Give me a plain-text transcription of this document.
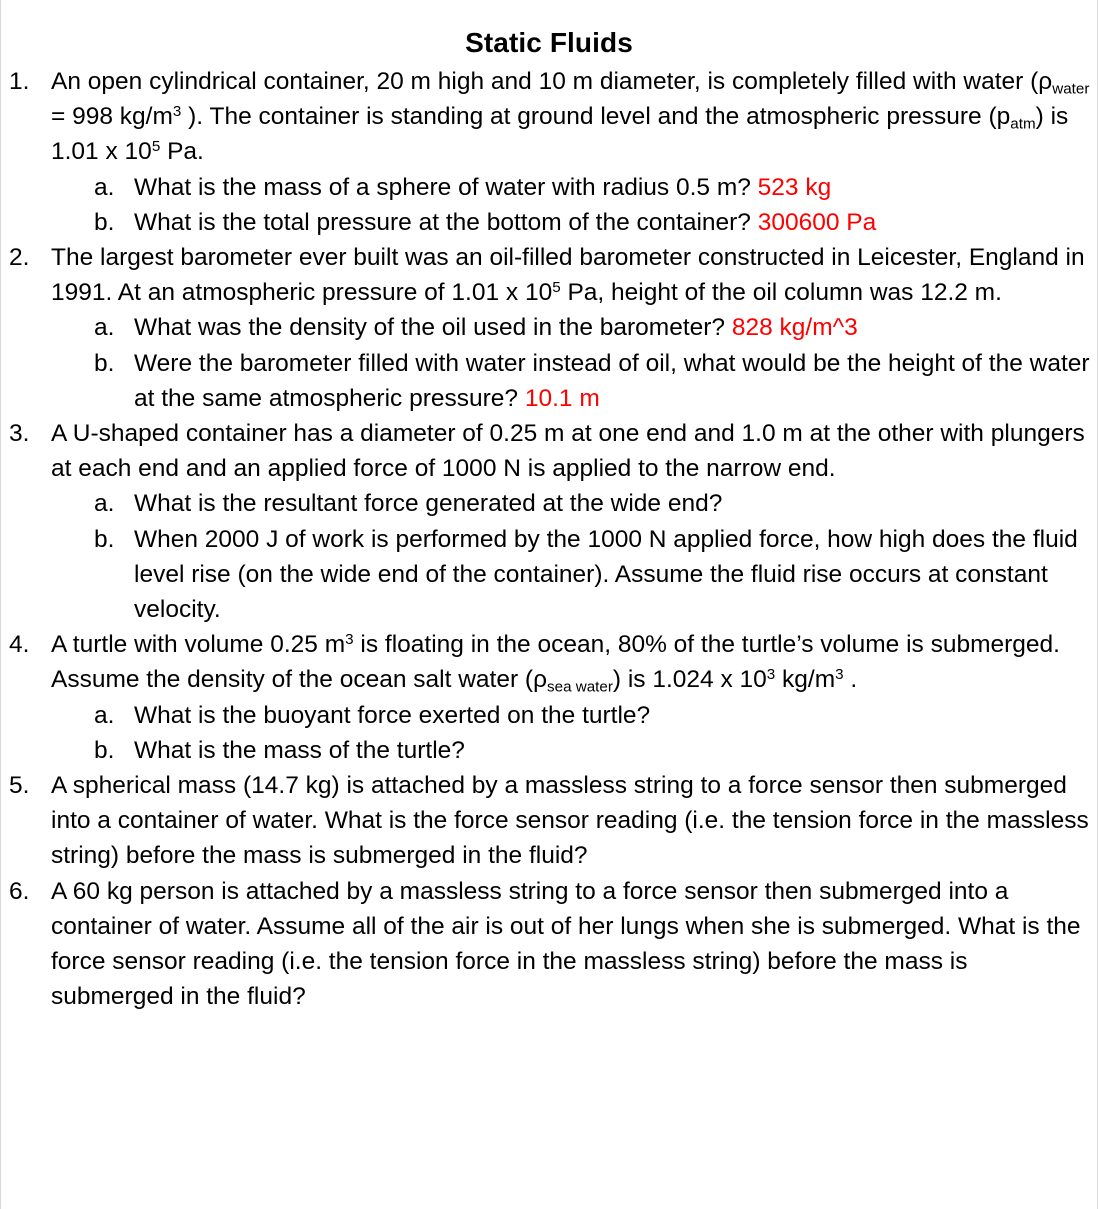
Static Fluids
1. An open cylindrical container, 20 m high and 10 m diameter, is completely filled with water ($\rho_{water} = 998$ $kg/m^3$ ). The container is standing at ground level and the atmospheric pressure $(p_{atm})$ is 1.01 x $10^5$ Pa.
a. What is the mass of a sphere of water with radius 0.5 m? 523 kg
b. What is the total pressure at the bottom of the container? 300600 Pa
2. The largest barometer ever built was an oil-filled barometer constructed in Leicester, England in 1991. At an atmospheric pressure of 1.01 x $10^5$ Pa, height of the oil column was 12.2 m.
a. What was the density of the oil used in the barometer? 828 kg/m^3
b. Were the barometer filled with water instead of oil, what would be the height of the water at the same atmospheric pressure? 10.1 m
3. A U-shaped container has a diameter of 0.25 m at one end and 1.0 m at the other with plungers at each end and an applied force of 1000 N is applied to the narrow end.
a. What is the resultant force generated at the wide end?
b. When 2000 J of work is performed by the 1000 N applied force, how high does the fluid level rise (on the wide end of the container). Assume the fluid rise occurs at constant velocity.
4. A turtle with volume 0.25 $m^3$ is floating in the ocean, 80% of the turtle’s volume is submerged. Assume the density of the ocean salt water $(\rho_{sea water})$ is 1.024 x $10^3$ $kg/m^3$ .
a. What is the buoyant force exerted on the turtle?
b. What is the mass of the turtle?
5. A spherical mass (14.7 kg) is attached by a massless string to a force sensor then submerged into a container of water. What is the force sensor reading (i.e. the tension force in the massless string) before the mass is submerged in the fluid?
6. A 60 kg person is attached by a massless string to a force sensor then submerged into a container of water. Assume all of the air is out of her lungs when she is submerged. What is the force sensor reading (i.e. the tension force in the massless string) before the mass is submerged in the fluid?
